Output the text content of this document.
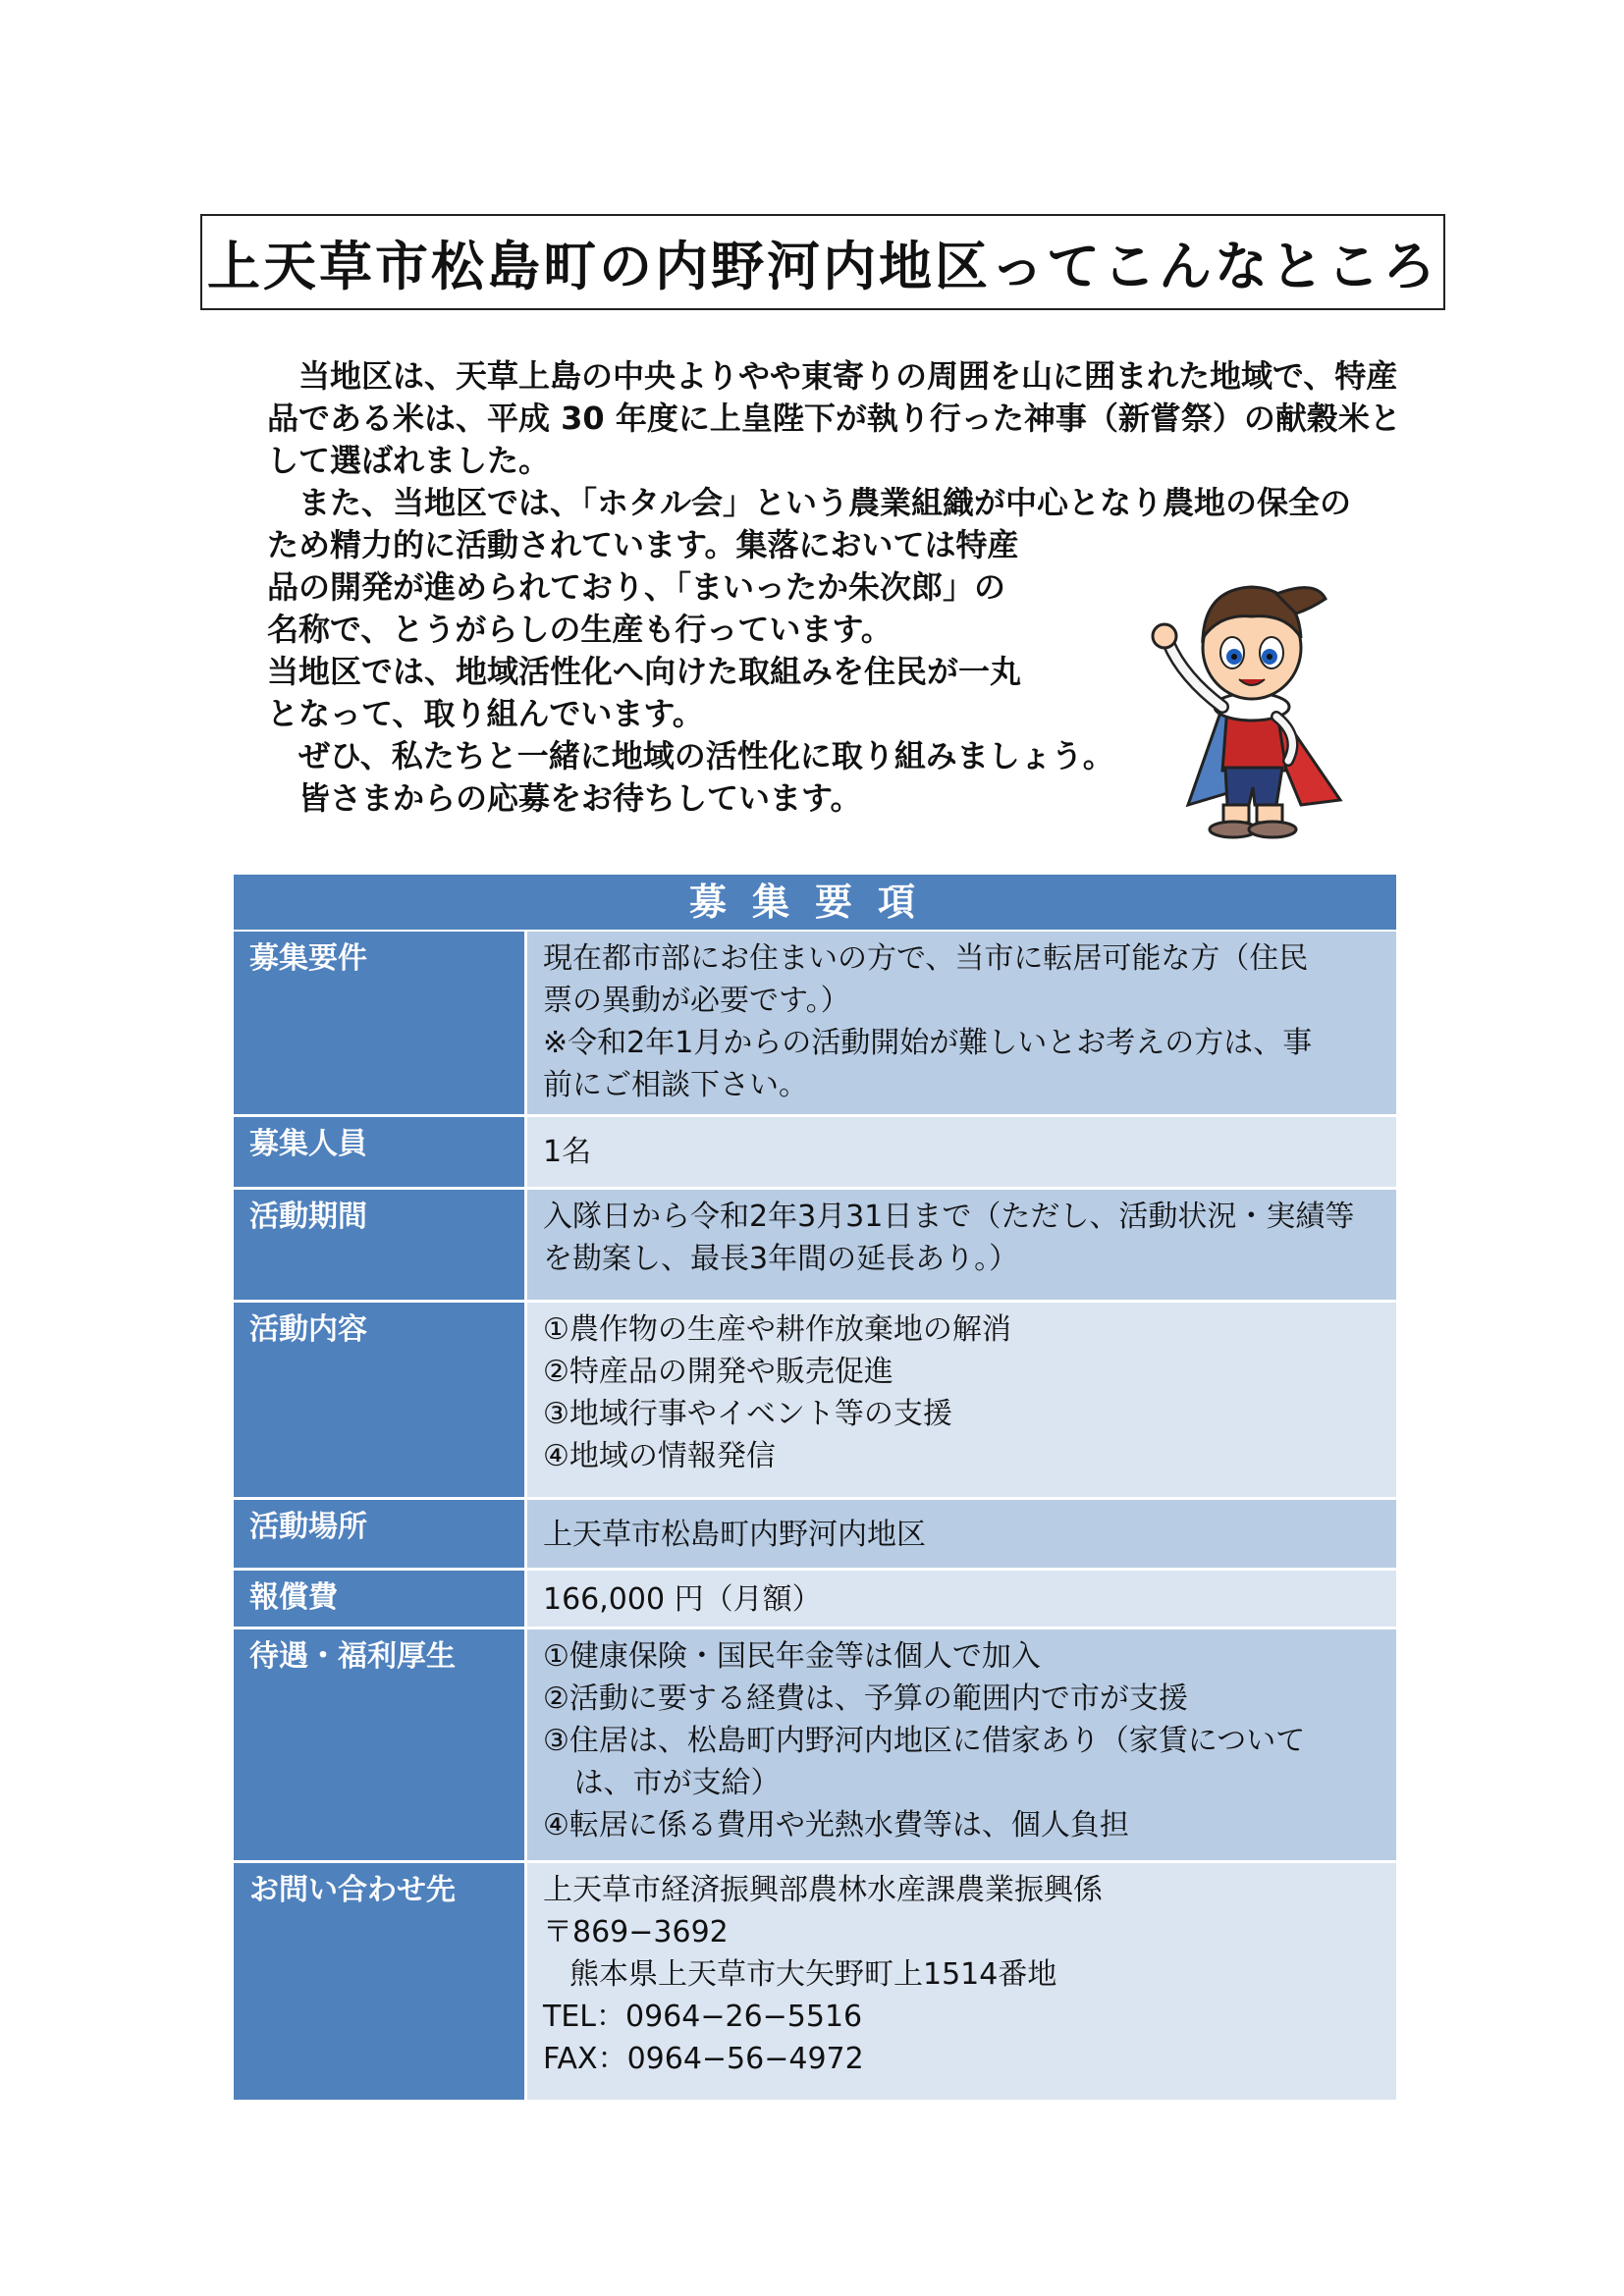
上天草市松島町の内野河内地区ってこんなところ

当地区は、天草上島の中央よりやや東寄りの周囲を山に囲まれた地域で、特産品である米は、平成 30 年度に上皇陛下が執り行った神事（新嘗祭）の献穀米として選ばれました。

また、当地区では、「ホタル会」という農業組織が中心となり農地の保全の

ため精力的に活動されています。集落においては特産

品の開発が進められており、「まいったか朱次郎」の

名称で、とうがらしの生産も行っています。

当地区では、地域活性化へ向けた取組みを住民が一丸

となって、取り組んでいます。

ぜひ、私たちと一緒に地域の活性化に取り組みましょう。

皆さまからの応募をお待ちしています。

募集要項
募集要件	現在都市部にお住まいの方で、当市に転居可能な方（住民
票の異動が必要です。）
※令和2年1月からの活動開始が難しいとお考えの方は、事
前にご相談下さい。
募集人員	1名
活動期間	入隊日から令和2年3月31日まで（ただし、活動状況・実績等
を勘案し、最長3年間の延長あり。）
活動内容	①農作物の生産や耕作放棄地の解消
②特産品の開発や販売促進
③地域行事やイベント等の支援
④地域の情報発信
活動場所	上天草市松島町内野河内地区
報償費	166,000 円（月額）
待遇・福利厚生	①健康保険・国民年金等は個人で加入
②活動に要する経費は、予算の範囲内で市が支援
③住居は、松島町内野河内地区に借家あり（家賃について
は、市が支給）
④転居に係る費用や光熱水費等は、個人負担
お問い合わせ先	上天草市経済振興部農林水産課農業振興係
〒869−3692
熊本県上天草市大矢野町上1514番地
TEL：0964−26−5516
FAX：0964−56−4972
